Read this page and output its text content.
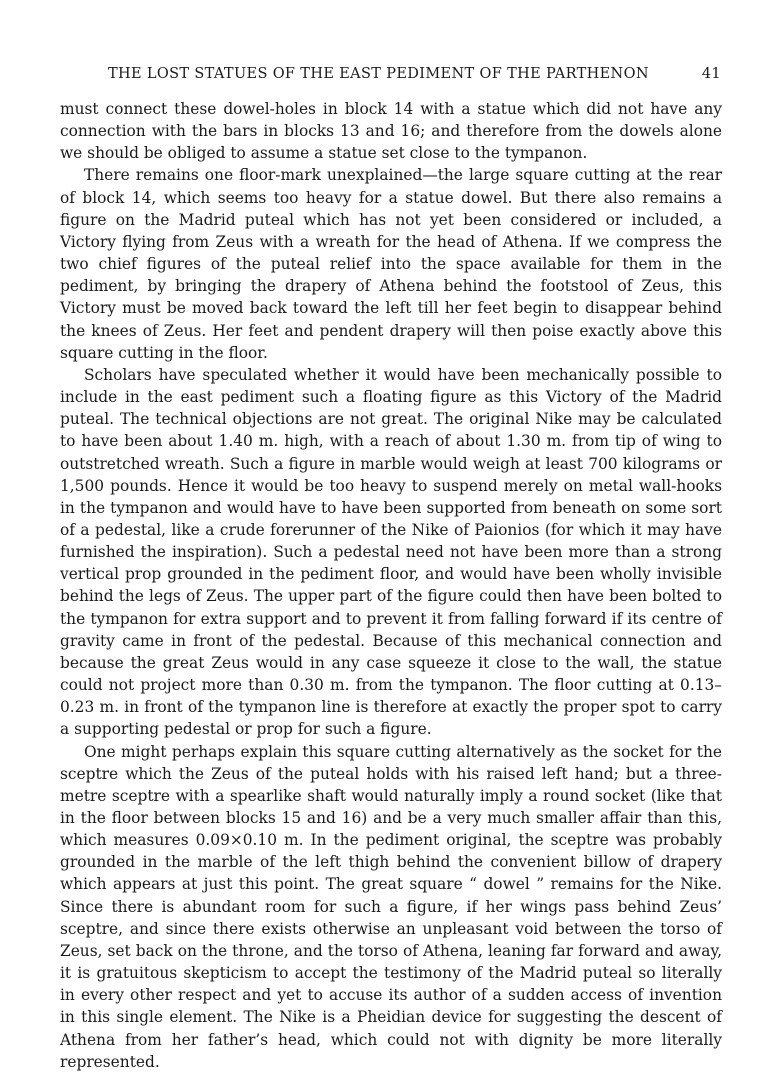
THE LOST STATUES OF THE EAST PEDIMENT OF THE PARTHENON	41

must connect these dowel-holes in block 14 with a statue which did not have any connection with the bars in blocks 13 and 16; and therefore from the dowels alone we should be obliged to assume a statue set close to the tympanon.

There remains one floor-mark unexplained—the large square cutting at the rear of block 14, which seems too heavy for a statue dowel. But there also remains a figure on the Madrid puteal which has not yet been considered or included, a Victory flying from Zeus with a wreath for the head of Athena. If we compress the two chief figures of the puteal relief into the space available for them in the pediment, by bringing the drapery of Athena behind the footstool of Zeus, this Victory must be moved back toward the left till her feet begin to disappear behind the knees of Zeus. Her feet and pendent drapery will then poise exactly above this square cutting in the floor.

Scholars have speculated whether it would have been mechanically possible to include in the east pediment such a floating figure as this Victory of the Madrid puteal. The technical objections are not great. The original Nike may be calculated to have been about 1.40 m. high, with a reach of about 1.30 m. from tip of wing to outstretched wreath. Such a figure in marble would weigh at least 700 kilograms or 1,500 pounds. Hence it would be too heavy to suspend merely on metal wall-hooks in the tympanon and would have to have been supported from beneath on some sort of a pedestal, like a crude forerunner of the Nike of Paionios (for which it may have furnished the inspiration). Such a pedestal need not have been more than a strong vertical prop grounded in the pediment floor, and would have been wholly invisible behind the legs of Zeus. The upper part of the figure could then have been bolted to the tympanon for extra support and to prevent it from falling forward if its centre of gravity came in front of the pedestal. Because of this mechanical connection and because the great Zeus would in any case squeeze it close to the wall, the statue could not project more than 0.30 m. from the tympanon. The floor cutting at 0.13–0.23 m. in front of the tympanon line is therefore at exactly the proper spot to carry a supporting pedestal or prop for such a figure.

One might perhaps explain this square cutting alternatively as the socket for the sceptre which the Zeus of the puteal holds with his raised left hand; but a three-metre sceptre with a spearlike shaft would naturally imply a round socket (like that in the floor between blocks 15 and 16) and be a very much smaller affair than this, which measures 0.09×0.10 m. In the pediment original, the sceptre was probably grounded in the marble of the left thigh behind the convenient billow of drapery which appears at just this point. The great square “ dowel ” remains for the Nike. Since there is abundant room for such a figure, if her wings pass behind Zeus’ sceptre, and since there exists otherwise an unpleasant void between the torso of Zeus, set back on the throne, and the torso of Athena, leaning far forward and away, it is gratuitous skepticism to accept the testimony of the Madrid puteal so literally in every other respect and yet to accuse its author of a sudden access of invention in this single element. The Nike is a Pheidian device for suggesting the descent of Athena from her father’s head, which could not with dignity be more literally represented.
